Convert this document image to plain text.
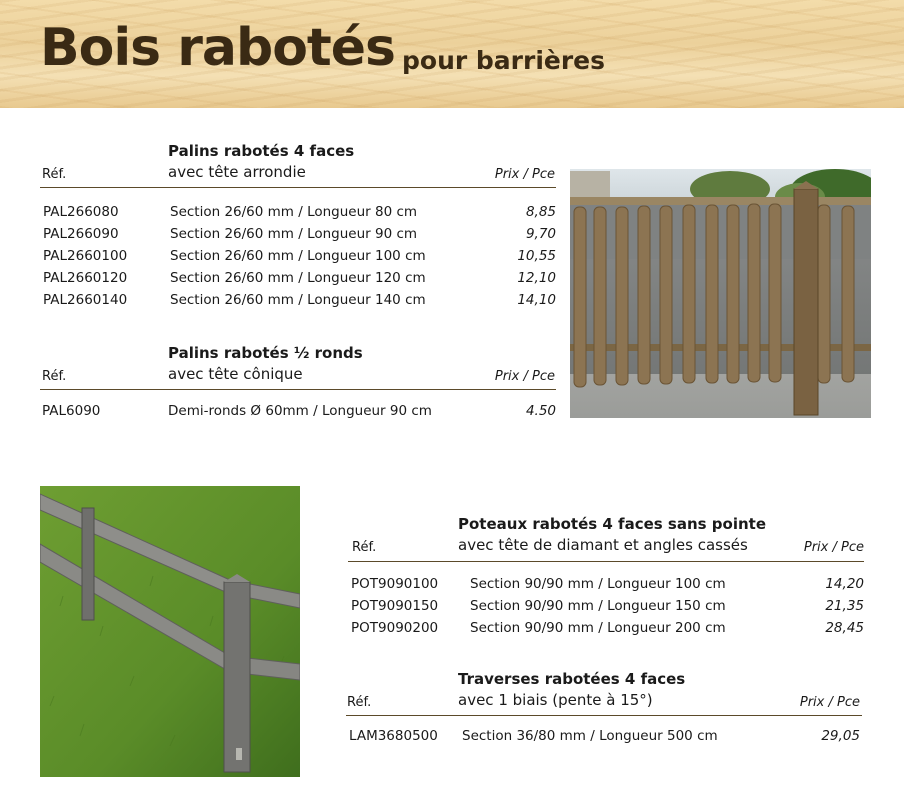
Bois rabotés pour barrières
Palins rabotés 4 faces
Réf.	avec tête arrondie	Prix / Pce
PAL266080	Section 26/60 mm / Longueur 80 cm	8,85
PAL266090	Section 26/60 mm / Longueur 90 cm	9,70
PAL2660100	Section 26/60 mm / Longueur 100 cm	10,55
PAL2660120	Section 26/60 mm / Longueur 120 cm	12,10
PAL2660140	Section 26/60 mm / Longueur 140 cm	14,10
Palins rabotés ½ ronds
Réf.	avec tête cônique	Prix / Pce
PAL6090	Demi-ronds Ø 60mm / Longueur 90 cm	4.50
Poteaux rabotés 4 faces sans pointe
Réf.	avec tête de diamant et angles cassés	Prix / Pce
POT9090100 Section 90/90 mm / Longueur 100 cm	14,20
POT9090150 Section 90/90 mm / Longueur 150 cm	21,35
POT9090200 Section 90/90 mm / Longueur 200 cm	28,45
Traverses rabotées 4 faces
Réf.	avec 1 biais (pente à 15°)	Prix / Pce
LAM3680500 Section 36/80 mm / Longueur 500 cm	29,05
